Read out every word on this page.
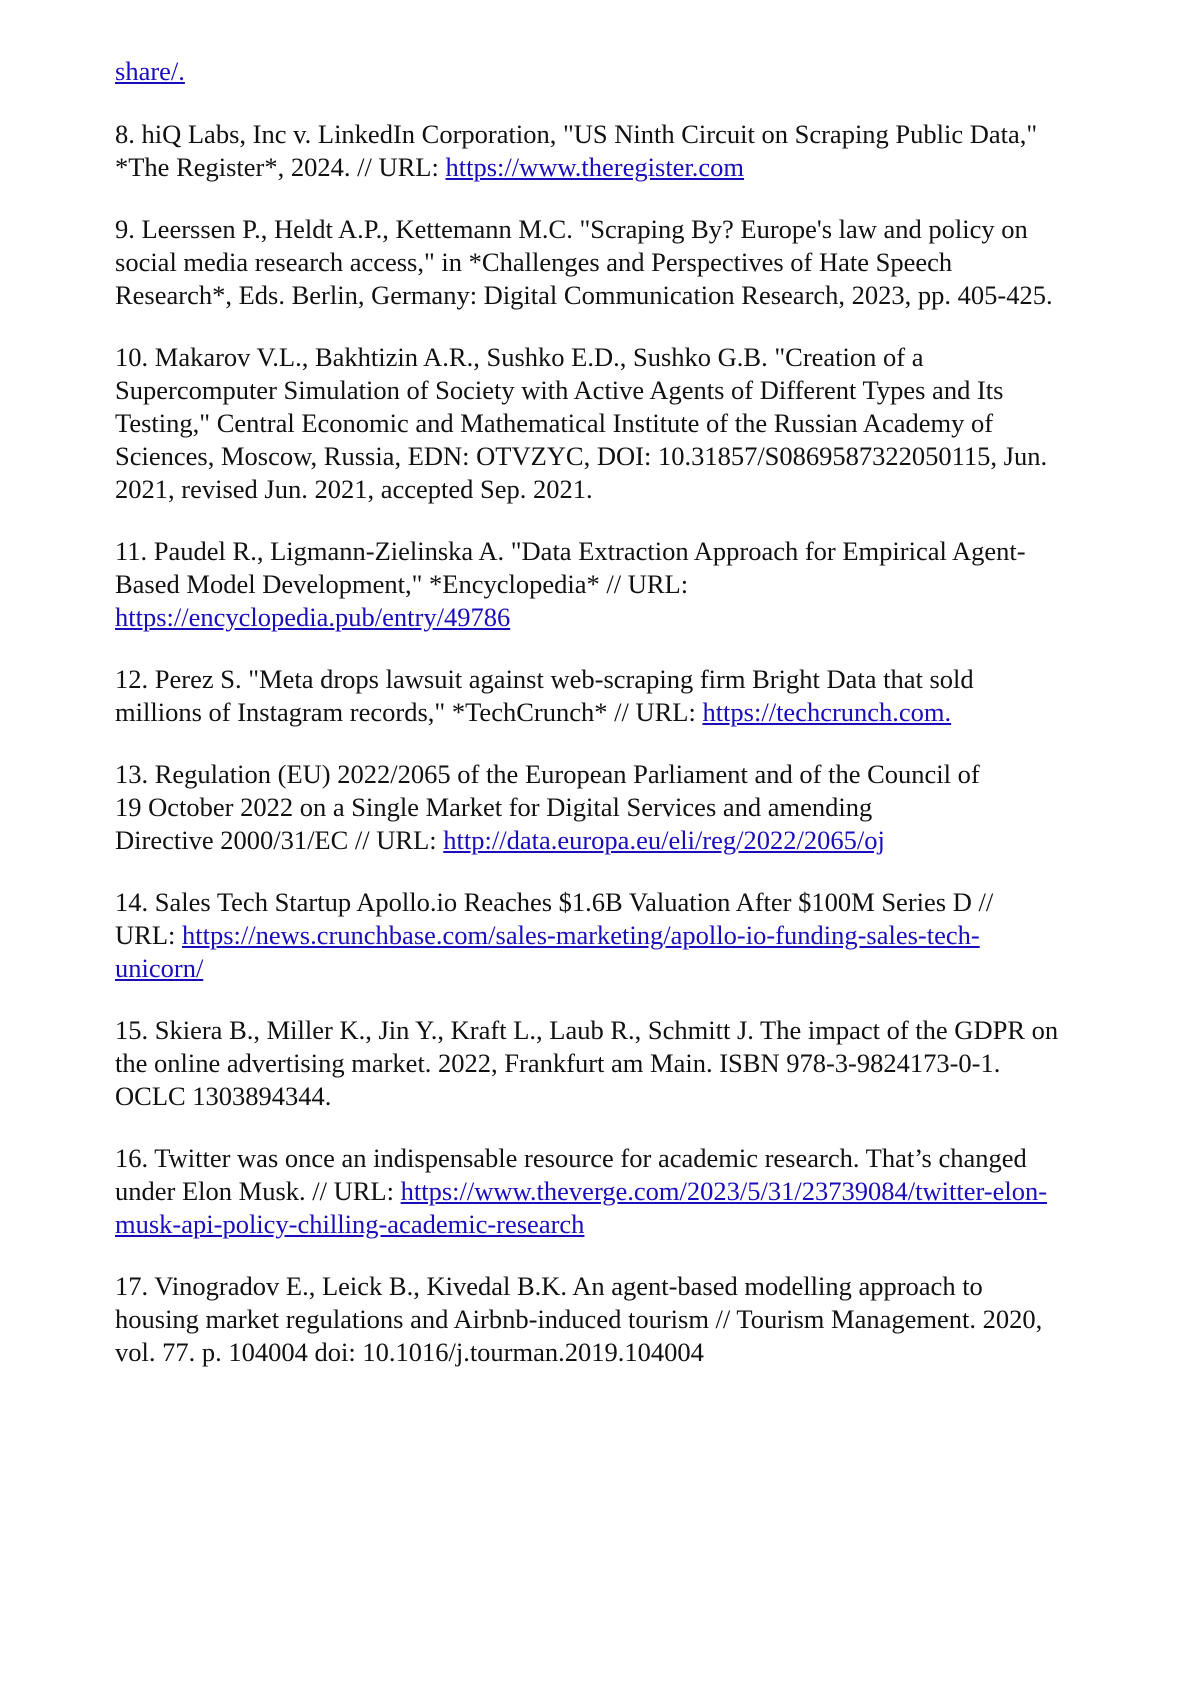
share/.
8. hiQ Labs, Inc v. LinkedIn Corporation, "US Ninth Circuit on Scraping Public Data,"
*The Register*, 2024. // URL: https://www.theregister.com
9. Leerssen P., Heldt A.P., Kettemann M.C. "Scraping By? Europe's law and policy on
social media research access," in *Challenges and Perspectives of Hate Speech
Research*, Eds. Berlin, Germany: Digital Communication Research, 2023, pp. 405-425.
10. Makarov V.L., Bakhtizin A.R., Sushko E.D., Sushko G.B. "Creation of a
Supercomputer Simulation of Society with Active Agents of Different Types and Its
Testing," Central Economic and Mathematical Institute of the Russian Academy of
Sciences, Moscow, Russia, EDN: OTVZYC, DOI: 10.31857/S0869587322050115, Jun.
2021, revised Jun. 2021, accepted Sep. 2021.
11. Paudel R., Ligmann-Zielinska A. "Data Extraction Approach for Empirical Agent-
Based Model Development," *Encyclopedia* // URL:
https://encyclopedia.pub/entry/49786
12. Perez S. "Meta drops lawsuit against web-scraping firm Bright Data that sold
millions of Instagram records," *TechCrunch* // URL: https://techcrunch.com.
13. Regulation (EU) 2022/2065 of the European Parliament and of the Council of
19 October 2022 on a Single Market for Digital Services and amending
Directive 2000/31/EC // URL: http://data.europa.eu/eli/reg/2022/2065/oj
14. Sales Tech Startup Apollo.io Reaches $1.6B Valuation After $100M Series D //
URL: https://news.crunchbase.com/sales-marketing/apollo-io-funding-sales-tech-
unicorn/
15. Skiera B., Miller K., Jin Y., Kraft L., Laub R., Schmitt J. The impact of the GDPR on
the online advertising market. 2022, Frankfurt am Main. ISBN 978-3-9824173-0-1.
OCLC 1303894344.
16. Twitter was once an indispensable resource for academic research. That’s changed
under Elon Musk. // URL: https://www.theverge.com/2023/5/31/23739084/twitter-elon-
musk-api-policy-chilling-academic-research
17. Vinogradov E., Leick B., Kivedal B.K. An agent-based modelling approach to
housing market regulations and Airbnb-induced tourism // Tourism Management. 2020,
vol. 77. p. 104004 doi: 10.1016/j.tourman.2019.104004
